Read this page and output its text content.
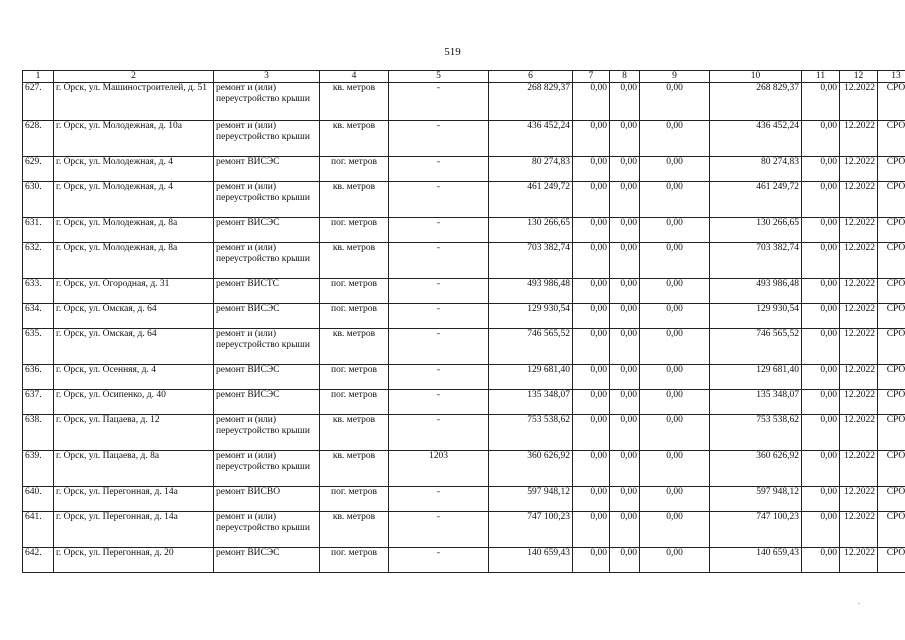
519
1	2	3	4	5	6	7	8	9	10	11	12	13
627.	г. Орск, ул. Машиностроителей, д. 51	ремонт и (или) переустройство крыши	кв. метров	-	268 829,37	0,00	0,00	0,00	268 829,37	0,00	12.2022	СРО
628.	г. Орск, ул. Молодежная, д. 10а	ремонт и (или) переустройство крыши	кв. метров	-	436 452,24	0,00	0,00	0,00	436 452,24	0,00	12.2022	СРО
629.	г. Орск, ул. Молодежная, д. 4	ремонт ВИСЭС	пог. метров	-	80 274,83	0,00	0,00	0,00	80 274,83	0,00	12.2022	СРО
630.	г. Орск, ул. Молодежная, д. 4	ремонт и (или) переустройство крыши	кв. метров	-	461 249,72	0,00	0,00	0,00	461 249,72	0,00	12.2022	СРО
631.	г. Орск, ул. Молодежная, д. 8а	ремонт ВИСЭС	пог. метров	-	130 266,65	0,00	0,00	0,00	130 266,65	0,00	12.2022	СРО
632.	г. Орск, ул. Молодежная, д. 8а	ремонт и (или) переустройство крыши	кв. метров	-	703 382,74	0,00	0,00	0,00	703 382,74	0,00	12.2022	СРО
633.	г. Орск, ул. Огородная, д. 31	ремонт ВИСТС	пог. метров	-	493 986,48	0,00	0,00	0,00	493 986,48	0,00	12.2022	СРО
634.	г. Орск, ул. Омская, д. 64	ремонт ВИСЭС	пог. метров	-	129 930,54	0,00	0,00	0,00	129 930,54	0,00	12.2022	СРО
635.	г. Орск, ул. Омская, д. 64	ремонт и (или) переустройство крыши	кв. метров	-	746 565,52	0,00	0,00	0,00	746 565,52	0,00	12.2022	СРО
636.	г. Орск, ул. Осенняя, д. 4	ремонт ВИСЭС	пог. метров	-	129 681,40	0,00	0,00	0,00	129 681,40	0,00	12.2022	СРО
637.	г. Орск, ул. Осипенко, д. 40	ремонт ВИСЭС	пог. метров	-	135 348,07	0,00	0,00	0,00	135 348,07	0,00	12.2022	СРО
638.	г. Орск, ул. Пацаева, д. 12	ремонт и (или) переустройство крыши	кв. метров	-	753 538,62	0,00	0,00	0,00	753 538,62	0,00	12.2022	СРО
639.	г. Орск, ул. Пацаева, д. 8а	ремонт и (или) переустройство крыши	кв. метров	1203	360 626,92	0,00	0,00	0,00	360 626,92	0,00	12.2022	СРО
640.	г. Орск, ул. Перегонная, д. 14а	ремонт ВИСВО	пог. метров	-	597 948,12	0,00	0,00	0,00	597 948,12	0,00	12.2022	СРО
641.	г. Орск, ул. Перегонная, д. 14а	ремонт и (или) переустройство крыши	кв. метров	-	747 100,23	0,00	0,00	0,00	747 100,23	0,00	12.2022	СРО
642.	г. Орск, ул. Перегонная, д. 20	ремонт ВИСЭС	пог. метров	-	140 659,43	0,00	0,00	0,00	140 659,43	0,00	12.2022	СРО
